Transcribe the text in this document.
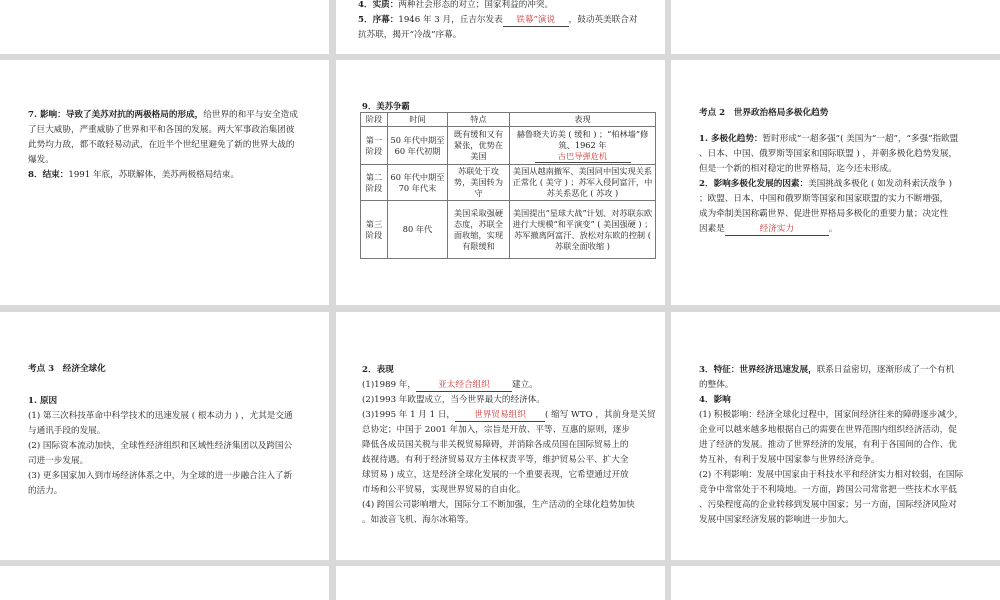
4．实质：两种社会形态的对立；国家利益的冲突。

5．序幕：1946 年 3 月，丘吉尔发表 铁幕”演说 ，鼓动英美联合对

抗苏联，揭开“冷战”序幕。

7. 影响：导致了美苏对抗的两极格局的形成，给世界的和平与安全造成

了巨大威胁，严重威胁了世界和平和各国的发展。两大军事政治集团彼

此势均力敌，都不敢轻易动武，在近半个世纪里避免了新的世界大战的

爆发。

8．结束：1991 年底，苏联解体，美苏两极格局结束。

9．美苏争霸
阶段	时间	特点	表现
第一阶段	50 年代中期至 60 年代初期	既有缓和又有紧张，优势在美国	赫鲁晓夫访美 ( 缓和 ) ；“柏林墙”修筑、1962 年
古巴导弹危机
第二阶段	60 年代中期至 70 年代末	苏联处于攻势，美国转为守	美国从越南撤军、美国同中国实现关系正常化 ( 美守 ) ；苏军入侵阿富汗，中苏关系恶化 ( 苏攻 )
第三阶段	80 年代	美国采取强硬态度，苏联全面收缩，实现有限缓和	美国提出“星球大战”计划、对苏联东欧进行大规模“和平演变” ( 美国强硬 ) ；苏军撤离阿富汗、放松对东欧的控制 ( 苏联全面收缩 )
考点 2　世界政治格局多极化趋势

1. 多极化趋势：暂时形成“一超多强”( 美国为“一超”，“多强”指欧盟

、日本、中国、俄罗斯等国家和国际联盟 ) ，并朝多极化趋势发展，

但是一个新的相对稳定的世界格局，迄今还未形成。

2．影响多极化发展的因素：美国挑战多极化 ( 如发动科索沃战争 )

；欧盟、日本、中国和俄罗斯等国家和国家联盟的实力不断增强，

成为牵制美国称霸世界、促进世界格局多极化的重要力量；决定性

因素是	经济实力	。

考点 3　经济全球化

1. 原因

(1) 第三次科技革命中科学技术的迅速发展 ( 根本动力 ) ，尤其是交通

与通讯手段的发展。

(2) 国际资本流动加快，全球性经济组织和区域性经济集团以及跨国公

司进一步发展。

(3) 更多国家加入到市场经济体系之中，为全球的进一步融合注入了新

的活力。

2．表现

(1)1989 年，	亚太经合组织	建立。

(2)1993 年欧盟成立，当今世界最大的经济体。

(3)1995 年 1 月 1 日， 世界贸易组织 ( 缩写 WTO ，其前身是关贸

总协定；中国于 2001 年加入，宗旨是开放、平等、互惠的原则，逐步

降低各成员国关税与非关税贸易障碍，并消除各成员国在国际贸易上的

歧视待遇。有利于经济贸易双方主体权责平等，维护贸易公平、扩大全

球贸易 ) 成立，这是经济全球化发展的一个重要表现，它希望通过开放

市场和公平贸易，实现世界贸易的自由化。

(4) 跨国公司影响增大，国际分工不断加强，生产活动的全球化趋势加快

。如波音飞机、海尔冰箱等。

3．特征：世界经济迅速发展，联系日益密切，逐渐形成了一个有机

的整体。

4．影响

(1) 积极影响：经济全球化过程中，国家间经济往来的障碍逐步减少，

企业可以越来越多地根据自己的需要在世界范围内组织经济活动，促

进了经济的发展。推动了世界经济的发展，有利于各国间的合作、优

势互补，有利于发展中国家参与世界经济竞争。

(2) 不利影响：发展中国家由于科技水平和经济实力相对较弱，在国际

竞争中常常处于不利境地。一方面，跨国公司常常把一些技术水平低

、污染程度高的企业转移到发展中国家；另一方面，国际经济风险对

发展中国家经济发展的影响进一步加大。
